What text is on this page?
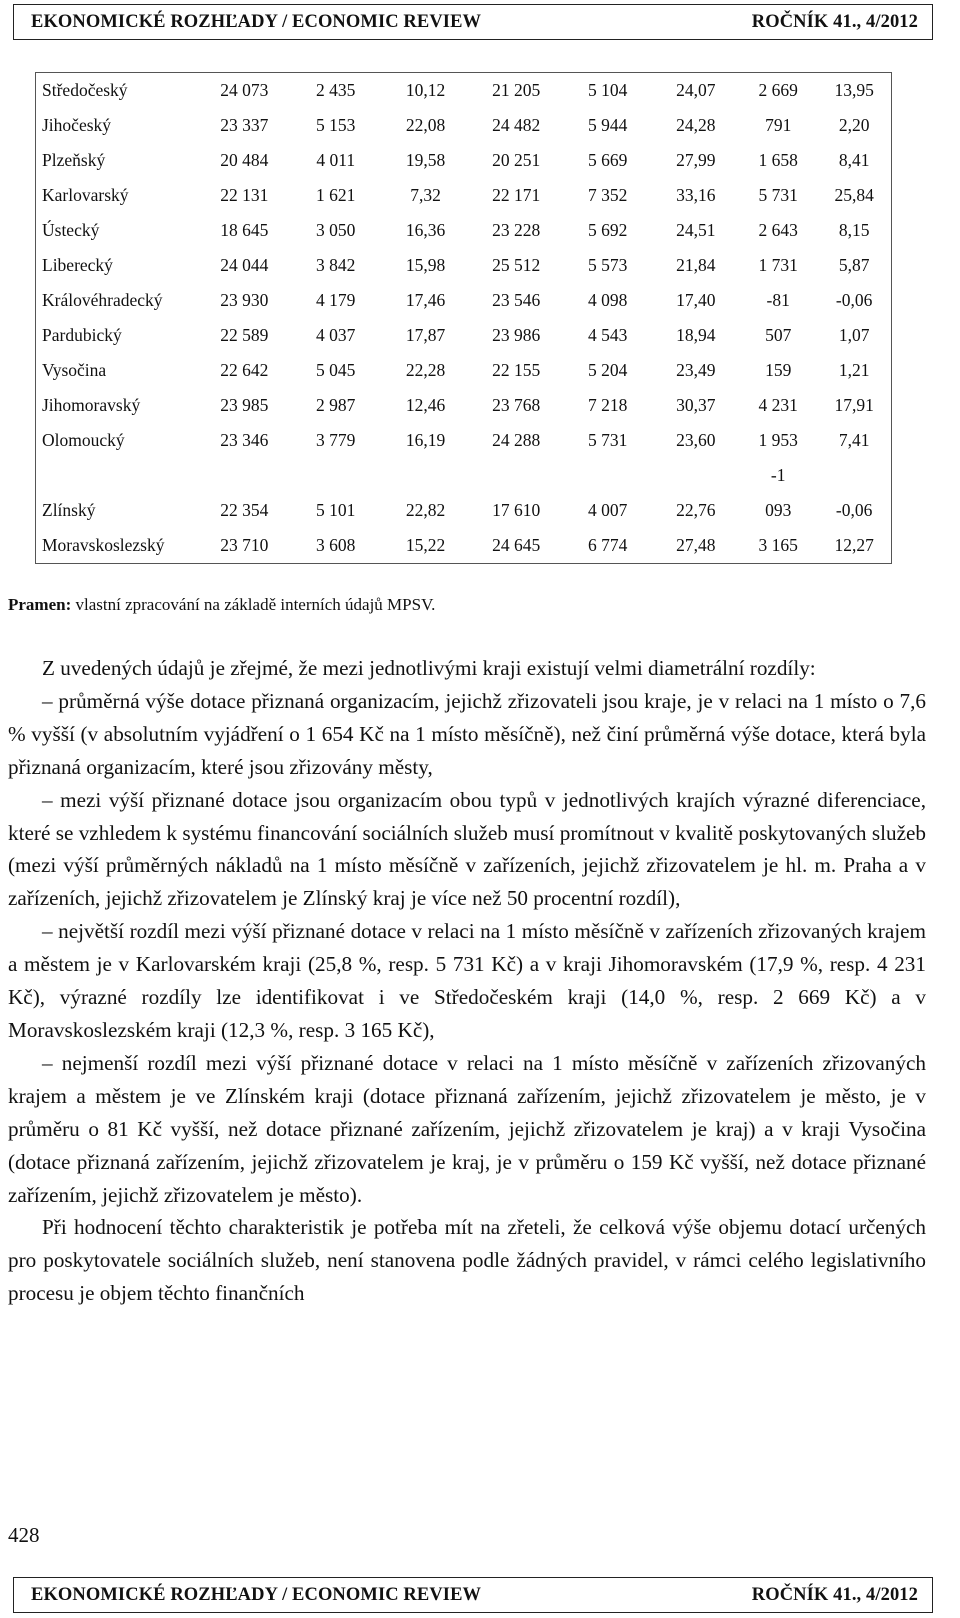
EKONOMICKÉ ROZHĽADY / ECONOMIC REVIEW	ROČNÍK 41., 4/2012
Středočeský	24 073	2 435	10,12	21 205	5 104	24,07	2 669	13,95
Jihočeský	23 337	5 153	22,08	24 482	5 944	24,28	791	2,20
Plzeňský	20 484	4 011	19,58	20 251	5 669	27,99	1 658	8,41
Karlovarský	22 131	1 621	7,32	22 171	7 352	33,16	5 731	25,84
Ústecký	18 645	3 050	16,36	23 228	5 692	24,51	2 643	8,15
Liberecký	24 044	3 842	15,98	25 512	5 573	21,84	1 731	5,87
Královéhradecký	23 930	4 179	17,46	23 546	4 098	17,40	-81	-0,06
Pardubický	22 589	4 037	17,87	23 986	4 543	18,94	507	1,07
Vysočina	22 642	5 045	22,28	22 155	5 204	23,49	159	1,21
Jihomoravský	23 985	2 987	12,46	23 768	7 218	30,37	4 231	17,91
Olomoucký	23 346	3 779	16,19	24 288	5 731	23,60	1 953	7,41
							-1	
Zlínský	22 354	5 101	22,82	17 610	4 007	22,76	093	-0,06
Moravskoslezský	23 710	3 608	15,22	24 645	6 774	27,48	3 165	12,27
Pramen: vlastní zpracování na základě interních údajů MPSV.

Z uvedených údajů je zřejmé, že mezi jednotlivými kraji existují velmi diametrální rozdíly:

– průměrná výše dotace přiznaná organizacím, jejichž zřizovateli jsou kraje, je v relaci na 1 místo o 7,6 % vyšší (v absolutním vyjádření o 1 654 Kč na 1 místo měsíčně), než činí průměrná výše dotace, která byla přiznaná organizacím, které jsou zřizovány městy,

– mezi výší přiznané dotace jsou organizacím obou typů v jednotlivých krajích výrazné diferenciace, které se vzhledem k systému financování sociálních služeb musí promítnout v kvalitě poskytovaných služeb (mezi výší průměrných nákladů na 1 místo měsíčně v zařízeních, jejichž zřizovatelem je hl. m. Praha a v zařízeních, jejichž zřizovatelem je Zlínský kraj je více než 50 procentní rozdíl),

– největší rozdíl mezi výší přiznané dotace v relaci na 1 místo měsíčně v zařízeních zřizovaných krajem a městem je v Karlovarském kraji (25,8 %, resp. 5 731 Kč) a v kraji Jihomoravském (17,9 %, resp. 4 231 Kč), výrazné rozdíly lze identifikovat i ve Středočeském kraji (14,0 %, resp. 2 669 Kč) a v Moravskoslezském kraji (12,3 %, resp. 3 165 Kč),

– nejmenší rozdíl mezi výší přiznané dotace v relaci na 1 místo měsíčně v zařízeních zřizovaných krajem a městem je ve Zlínském kraji (dotace přiznaná zařízením, jejichž zřizovatelem je město, je v průměru o 81 Kč vyšší, než dotace přiznané zařízením, jejichž zřizovatelem je kraj) a v kraji Vysočina (dotace přiznaná zařízením, jejichž zřizovatelem je kraj, je v průměru o 159 Kč vyšší, než dotace přiznané zařízením, jejichž zřizovatelem je město).

Při hodnocení těchto charakteristik je potřeba mít na zřeteli, že celková výše objemu dotací určených pro poskytovatele sociálních služeb, není stanovena podle žádných pravidel, v rámci celého legislativního procesu je objem těchto finančních

428
EKONOMICKÉ ROZHĽADY / ECONOMIC REVIEW	ROČNÍK 41., 4/2012
